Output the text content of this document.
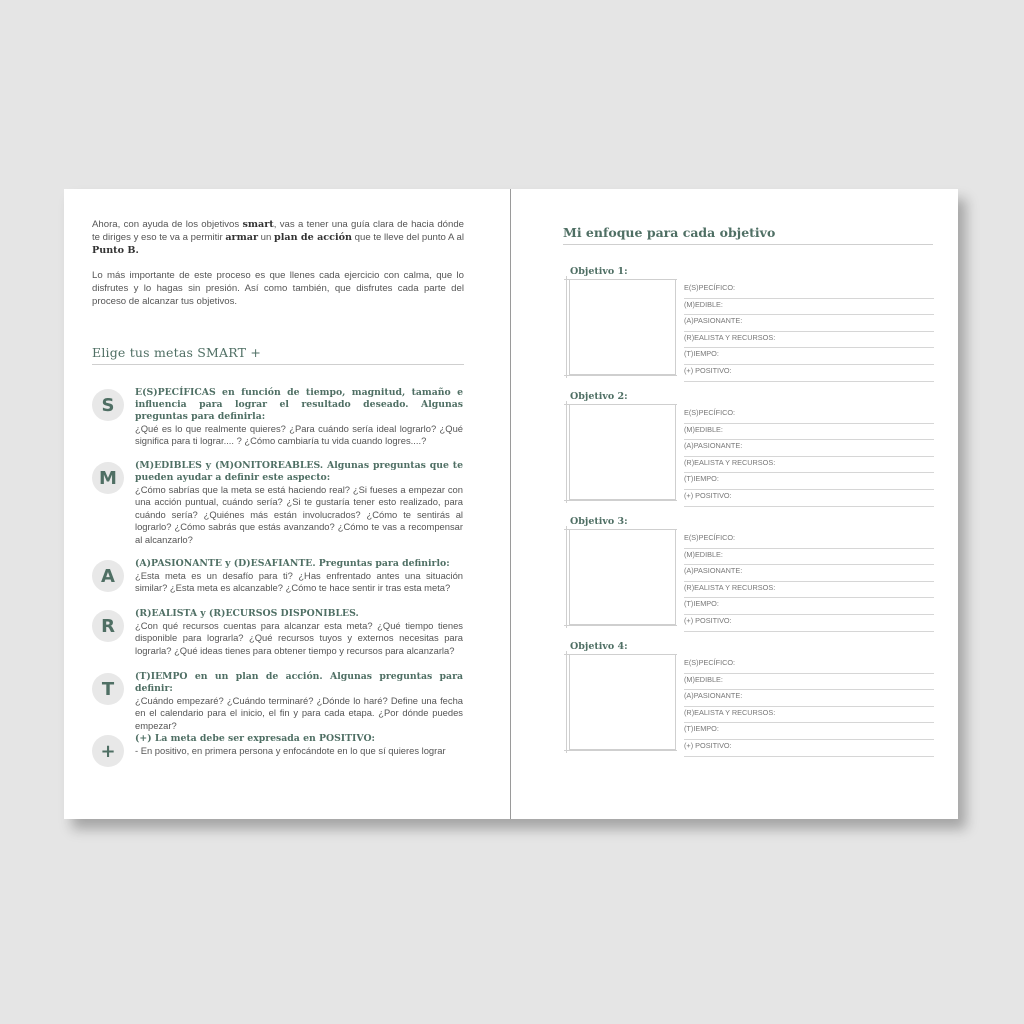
Ahora, con ayuda de los objetivos smart, vas a tener una guía clara de hacia dónde te diriges y eso te va a permitir armar un plan de acción que te lleve del punto A al Punto B.

Lo más importante de este proceso es que llenes cada ejercicio con calma, que lo disfrutes y lo hagas sin presión. Así como también, que disfrutes cada parte del proceso de alcanzar tus objetivos.

Elige tus metas SMART +
S
E(S)PECÍFICAS en función de tiempo, magnitud, tamaño e influencia para lograr el resultado deseado. Algunas preguntas para definirla:
¿Qué es lo que realmente quieres? ¿Para cuándo sería ideal lograrlo? ¿Qué significa para ti lograr.... ? ¿Cómo cambiaría tu vida cuando logres....?
M
(M)EDIBLES y (M)ONITOREABLES. Algunas preguntas que te pueden ayudar a definir este aspecto:
¿Cómo sabrías que la meta se está haciendo real? ¿Si fueses a empezar con una acción puntual, cuándo sería? ¿Si te gustaría tener esto realizado, para cuándo sería? ¿Quiénes más están involucrados? ¿Cómo te sentirás al lograrlo? ¿Cómo sabrás que estás avanzando? ¿Cómo te vas a recompensar al alcanzarlo?
A
(A)PASIONANTE y (D)ESAFIANTE. Preguntas para definirlo:
¿Esta meta es un desafío para ti? ¿Has enfrentado antes una situación similar? ¿Esta meta es alcanzable? ¿Cómo te hace sentir ir tras esta meta?
R
(R)EALISTA y (R)ECURSOS DISPONIBLES.
¿Con qué recursos cuentas para alcanzar esta meta? ¿Qué tiempo tienes disponible para lograrla? ¿Qué recursos tuyos y externos necesitas para lograrla? ¿Qué ideas tienes para obtener tiempo y recursos para alcanzarla?
T
(T)IEMPO en un plan de acción. Algunas preguntas para definir:
¿Cuándo empezaré? ¿Cuándo terminaré? ¿Dónde lo haré? Define una fecha en el calendario para el inicio, el fin y para cada etapa. ¿Por dónde puedes empezar?
+
(+) La meta debe ser expresada en POSITIVO:
- En positivo, en primera persona y enfocándote en lo que sí quieres lograr
Mi enfoque para cada objetivo
Objetivo 1:
E(S)PECÍFICO:
(M)EDIBLE:
(A)PASIONANTE:
(R)EALISTA Y RECURSOS:
(T)IEMPO:
(+) POSITIVO:
Objetivo 2:
E(S)PECÍFICO:
(M)EDIBLE:
(A)PASIONANTE:
(R)EALISTA Y RECURSOS:
(T)IEMPO:
(+) POSITIVO:
Objetivo 3:
E(S)PECÍFICO:
(M)EDIBLE:
(A)PASIONANTE:
(R)EALISTA Y RECURSOS:
(T)IEMPO:
(+) POSITIVO:
Objetivo 4:
E(S)PECÍFICO:
(M)EDIBLE:
(A)PASIONANTE:
(R)EALISTA Y RECURSOS:
(T)IEMPO:
(+) POSITIVO:
